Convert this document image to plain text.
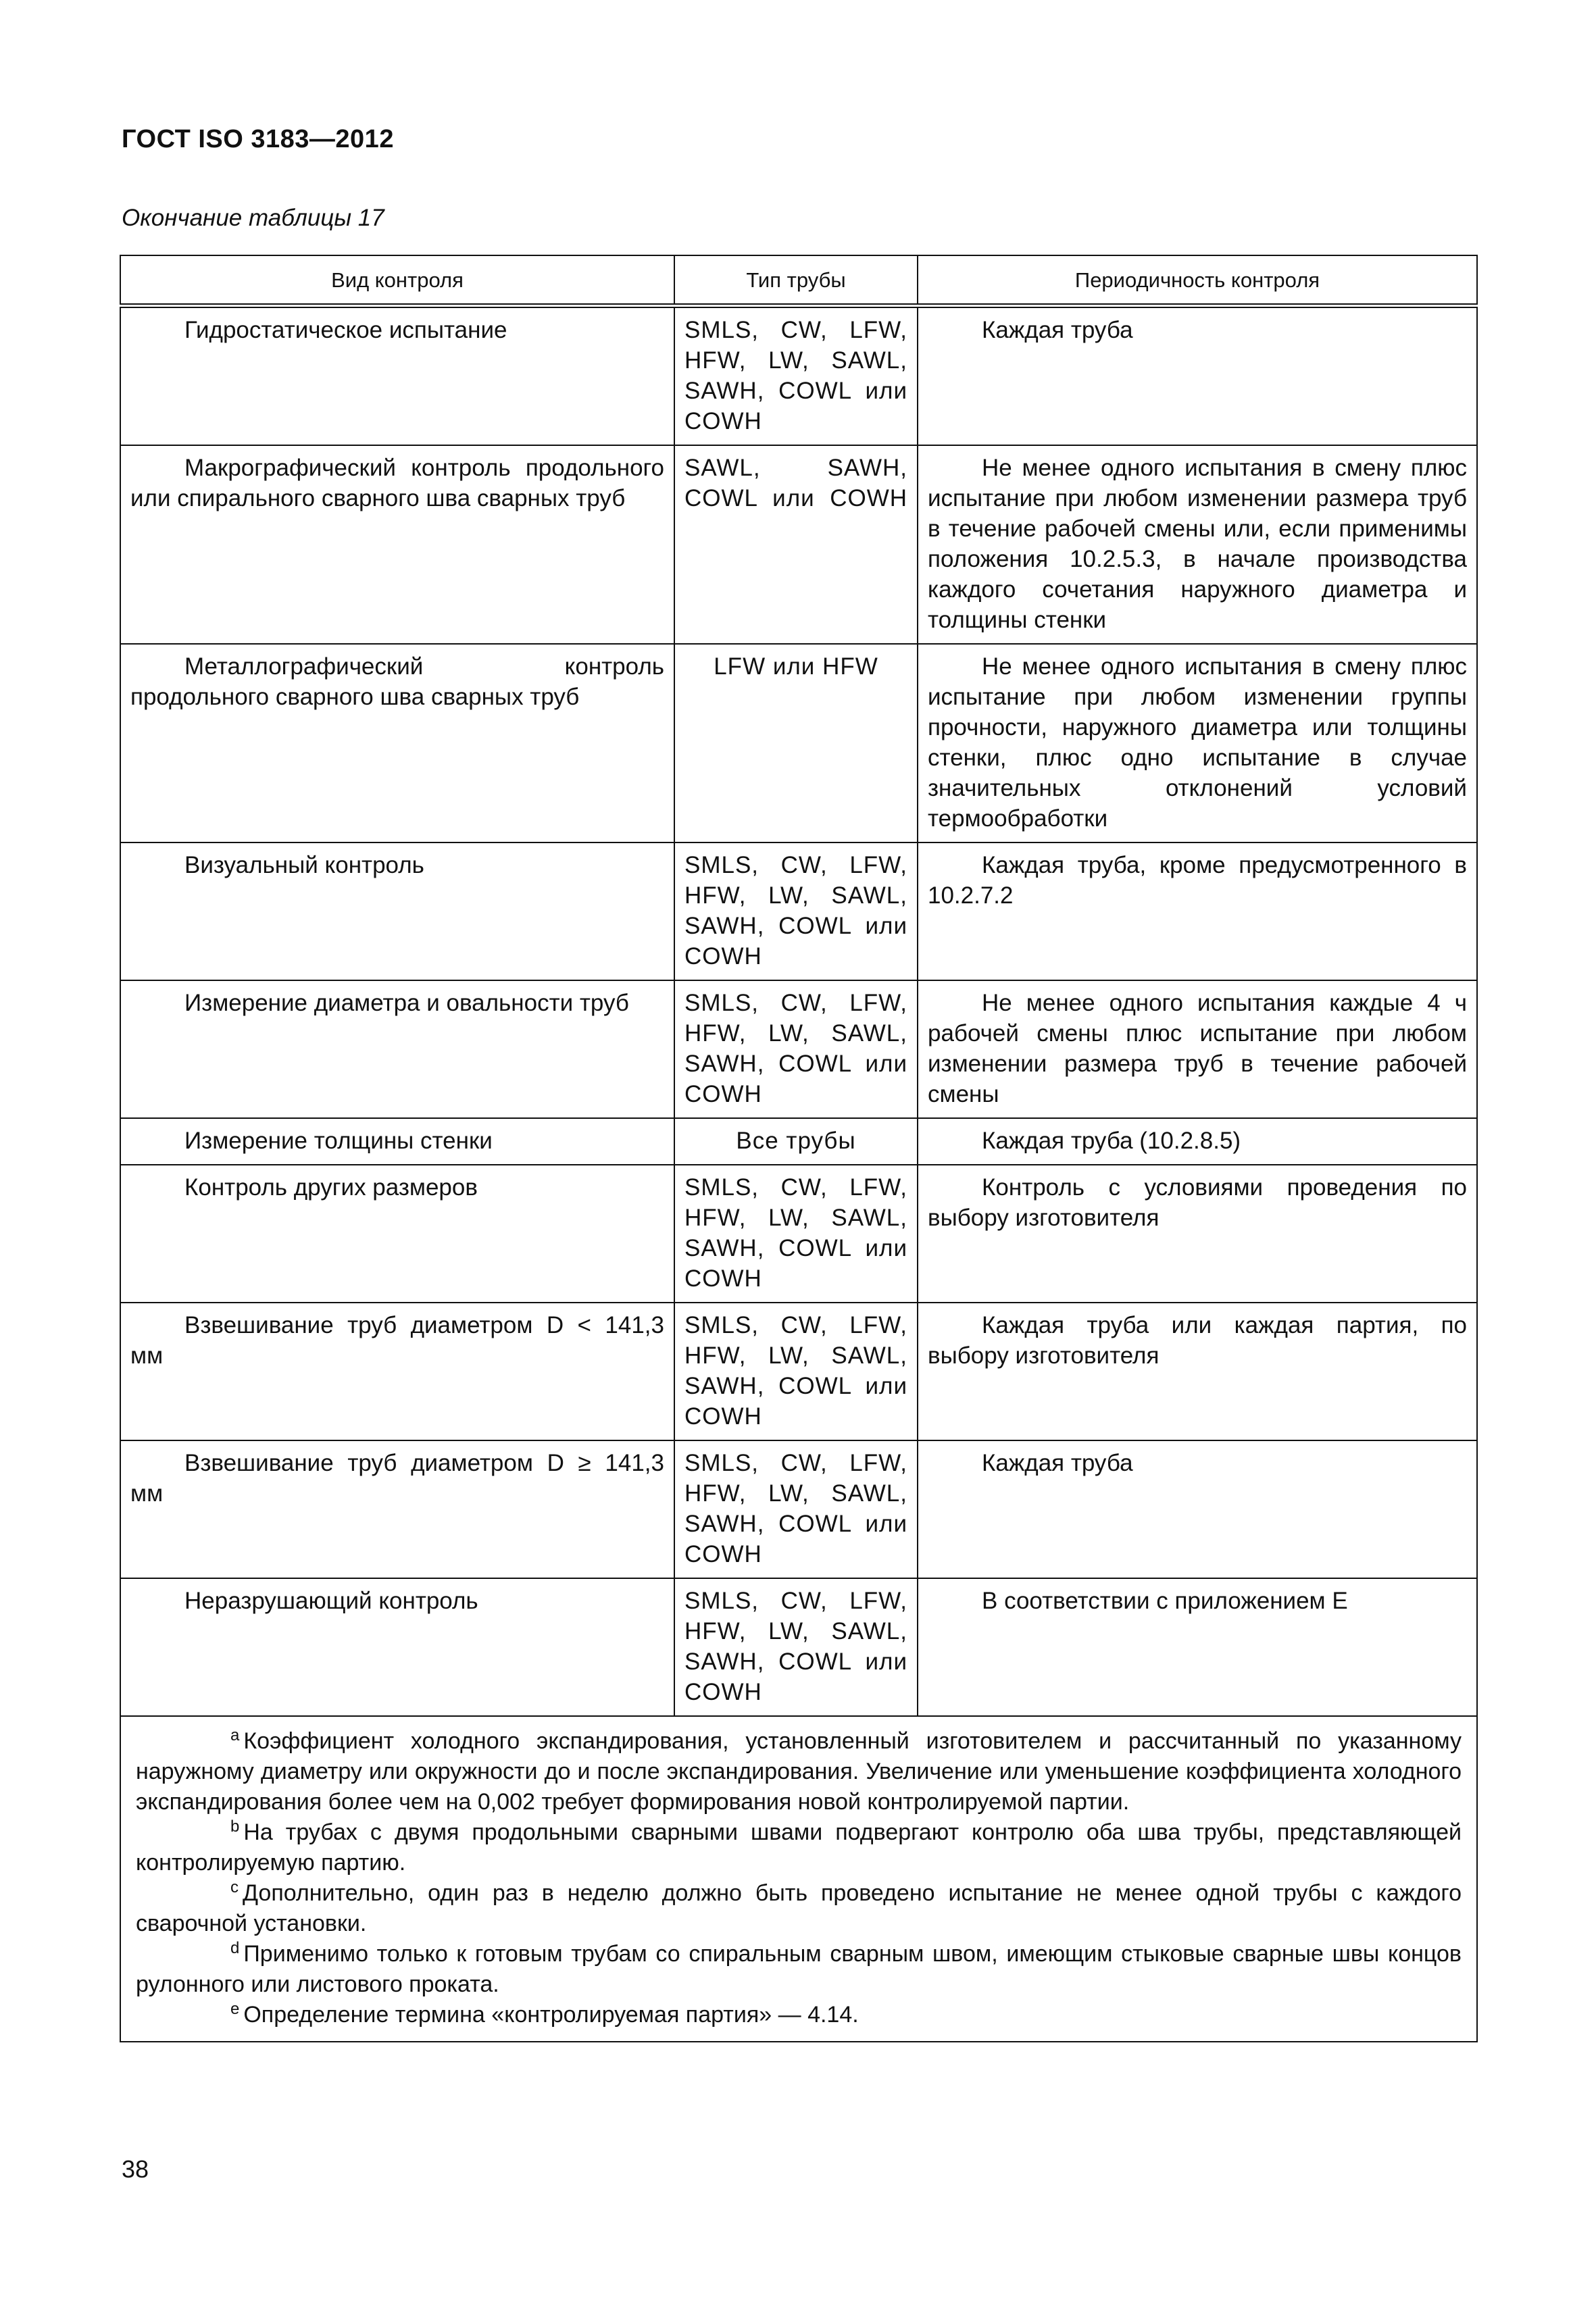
ГОСТ ISO 3183—2012
Окончание таблицы 17
Вид контроля	Тип трубы	Периодичность контроля
Гидростатическое испытание	SMLS, CW, LFW, HFW, LW, SAWL, SAWH, COWL или COWH	Каждая труба
Макрографический контроль продольного или спирального сварного шва сварных труб	SAWL, SAWH, COWL или COWH	Не менее одного испытания в смену плюс испытание при любом изменении размера труб в течение рабочей смены или, если применимы положения 10.2.5.3, в начале производства каждого сочетания наружного диаметра и толщины стенки
Металлографический контроль продольного сварного шва сварных труб	LFW или HFW	Не менее одного испытания в смену плюс испытание при любом изменении группы прочности, наружного диаметра или толщины стенки, плюс одно испытание в случае значительных отклонений условий термообработки
Визуальный контроль	SMLS, CW, LFW, HFW, LW, SAWL, SAWH, COWL или COWH	Каждая труба, кроме предусмотренного в 10.2.7.2
Измерение диаметра и овальности труб	SMLS, CW, LFW, HFW, LW, SAWL, SAWH, COWL или COWH	Не менее одного испытания каждые 4 ч рабочей смены плюс испытание при любом изменении размера труб в течение рабочей смены
Измерение толщины стенки	Все трубы	Каждая труба (10.2.8.5)
Контроль других размеров	SMLS, CW, LFW, HFW, LW, SAWL, SAWH, COWL или COWH	Контроль с условиями проведения по выбору изготовителя
Взвешивание труб диаметром D < 141,3 мм	SMLS, CW, LFW, HFW, LW, SAWL, SAWH, COWL или COWH	Каждая труба или каждая партия, по выбору изготовителя
Взвешивание труб диаметром D ≥ 141,3 мм	SMLS, CW, LFW, HFW, LW, SAWL, SAWH, COWL или COWH	Каждая труба
Неразрушающий контроль	SMLS, CW, LFW, HFW, LW, SAWL, SAWH, COWL или COWH	В соответствии с приложением Е

$^a$ Коэффициент холодного экспандирования, установленный изготовителем и рассчитанный по указанному наружному диаметру или окружности до и после экспандирования. Увеличение или уменьшение коэффициента холодного экспандирования более чем на 0,002 требует формирования новой контролируемой партии.

$^b$ На трубах с двумя продольными сварными швами подвергают контролю оба шва трубы, представляющей контролируемую партию.

$^c$ Дополнительно, один раз в неделю должно быть проведено испытание не менее одной трубы с каждого сварочной установки.

$^d$ Применимо только к готовым трубам со спиральным сварным швом, имеющим стыковые сварные швы концов рулонного или листового проката.

$^e$ Определение термина «контролируемая партия» — 4.14.		

38
